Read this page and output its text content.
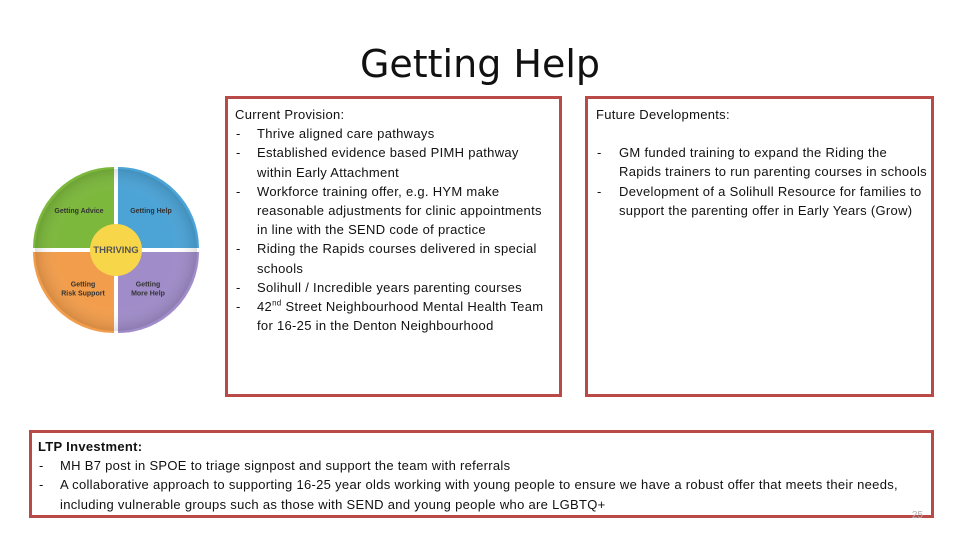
Getting Help
Getting Advice	Getting Help
Getting Risk Support
Getting More Help
THRIVING

Current Provision:

- Thrive aligned care pathways
- Established evidence based PIMH pathway within Early Attachment
- Workforce training offer, e.g. HYM make reasonable adjustments for clinic appointments in line with the SEND code of practice
- Riding the Rapids courses delivered in special schools
- Solihull / Incredible years parenting courses
- 42nd Street Neighbourhood Mental Health Team for 16-25 in the Denton Neighbourhood

Future Developments:

- GM funded training to expand the Riding the Rapids trainers to run parenting courses in schools
- Development of a Solihull Resource for families to support the parenting offer in Early Years (Grow)

LTP Investment:

- MH B7 post in SPOE to triage signpost and support the team with referrals
- A collaborative approach to supporting 16-25 year olds working with young people to ensure we have a robust offer that meets their needs, including vulnerable groups such as those with SEND and young people who are LGBTQ+
25
